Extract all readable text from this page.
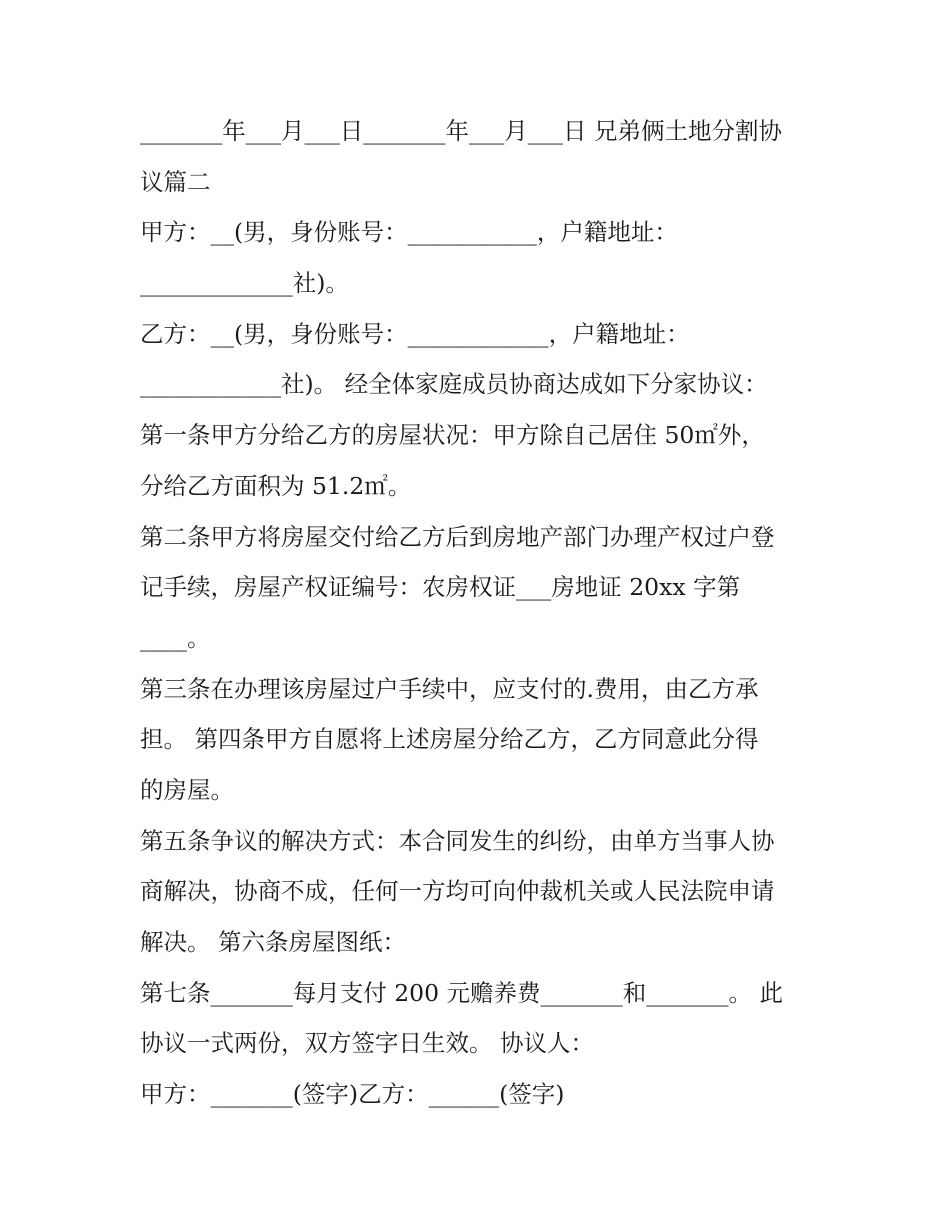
_______年___月___日_______年___月___日 兄弟俩土地分割协
议篇二
甲方：__(男，身份账号：___________，户籍地址：
_____________社)。
乙方：__(男，身份账号：____________，户籍地址：
____________社)。 经全体家庭成员协商达成如下分家协议：
第一条甲方分给乙方的房屋状况：甲方除自己居住 50㎡外，
分给乙方面积为 51.2㎡。
第二条甲方将房屋交付给乙方后到房地产部门办理产权过户登
记手续，房屋产权证编号：农房权证___房地证 20xx 字第
____。
第三条在办理该房屋过户手续中，应支付的.费用，由乙方承
担。 第四条甲方自愿将上述房屋分给乙方，乙方同意此分得
的房屋。
第五条争议的解决方式：本合同发生的纠纷，由单方当事人协
商解决，协商不成，任何一方均可向仲裁机关或人民法院申请
解决。 第六条房屋图纸：
第七条_______每月支付 200 元赡养费_______和_______。 此
协议一式两份，双方签字日生效。 协议人：
甲方：_______(签字)乙方：______(签字)
